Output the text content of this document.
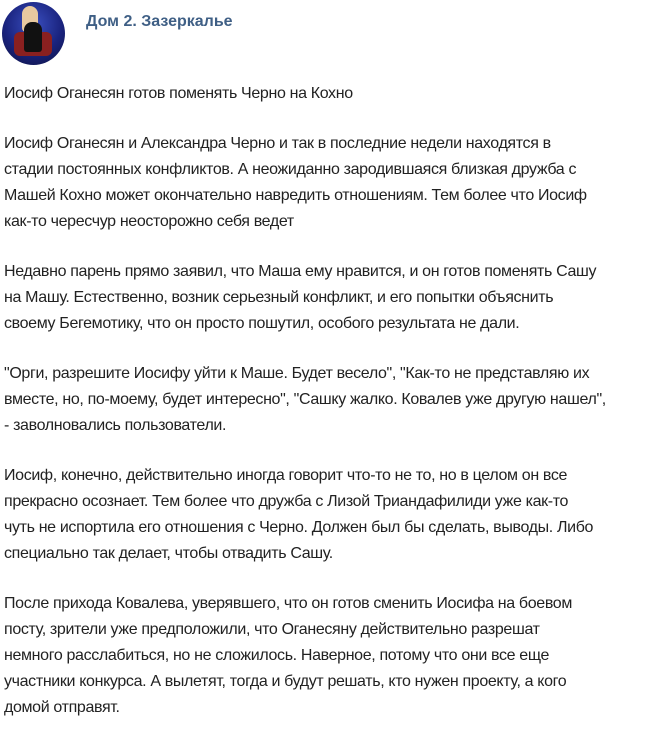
Дом 2. Зазеркалье
Иосиф Оганесян готов поменять Черно на Кохно
Иосиф Оганесян и Александра Черно и так в последние недели находятся в
стадии постоянных конфликтов. А неожиданно зародившаяся близкая дружба с
Машей Кохно может окончательно навредить отношениям. Тем более что Иосиф
как-то чересчур неосторожно себя ведет
Недавно парень прямо заявил, что Маша ему нравится, и он готов поменять Сашу
на Машу. Естественно, возник серьезный конфликт, и его попытки объяснить
своему Бегемотику, что он просто пошутил, особого результата не дали.
"Орги, разрешите Иосифу уйти к Маше. Будет весело", "Как-то не представляю их
вместе, но, по-моему, будет интересно", "Сашку жалко. Ковалев уже другую нашел",
- заволновались пользователи.
Иосиф, конечно, действительно иногда говорит что-то не то, но в целом он все
прекрасно осознает. Тем более что дружба с Лизой Триандафилиди уже как-то
чуть не испортила его отношения с Черно. Должен был бы сделать, выводы. Либо
специально так делает, чтобы отвадить Сашу.
После прихода Ковалева, уверявшего, что он готов сменить Иосифа на боевом
посту, зрители уже предположили, что Оганесяну действительно разрешат
немного расслабиться, но не сложилось. Наверное, потому что они все еще
участники конкурса. А вылетят, тогда и будут решать, кто нужен проекту, а кого
домой отправят.
